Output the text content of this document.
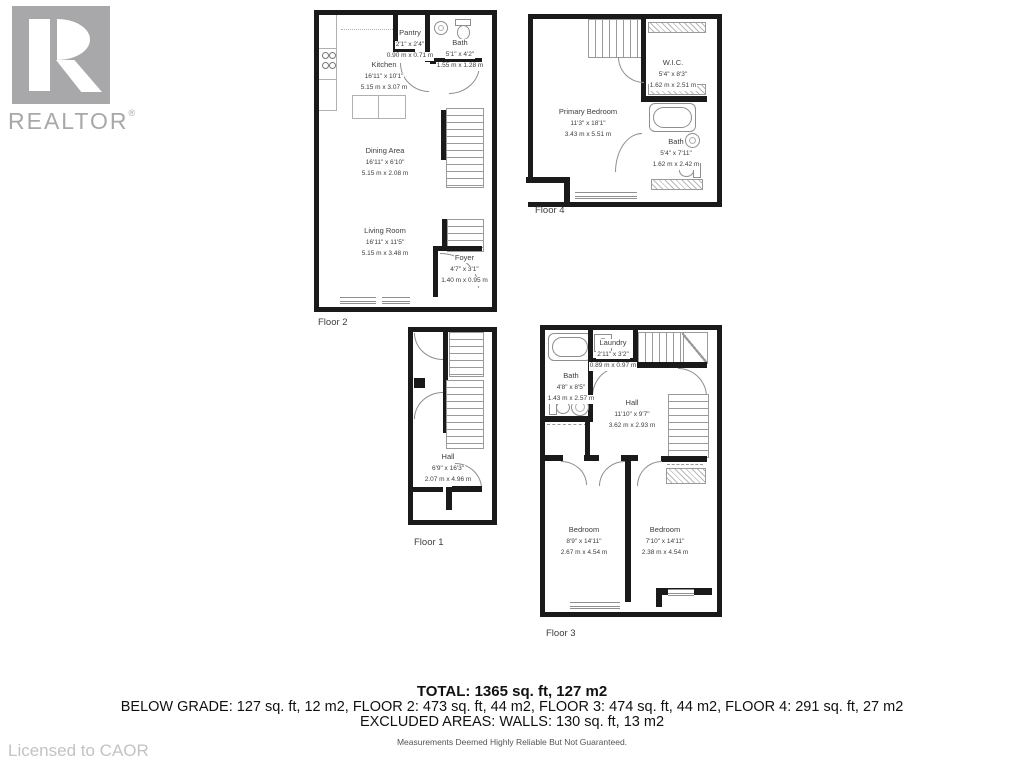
REALTOR®
Kitchen
16'11" x 10'1"
5.15 m x 3.07 m
Pantry
2'1" x 2'4"
0.90 m x 0.71 m
Bath
5'1" x 4'2"
1.55 m x 1.28 m
Dining Area
16'11" x 6'10"
5.15 m x 2.08 m
Living Room
16'11" x 11'5"
5.15 m x 3.48 m	Foyer
4'7" x 3'1"
1.40 m x 0.95 m
Floor 2
W.I.C.
5'4" x 8'3"
1.62 m x 2.51 m
Primary Bedroom
11'3" x 18'1"
3.43 m x 5.51 m
Bath
5'4" x 7'11"
1.62 m x 2.42 m
Floor 4
Hall
6'9" x 16'3"
2.07 m x 4.96 m
Floor 1
Bath
4'8" x 8'5"
1.43 m x 2.57 m
Laundry
2'11" x 3'2"
0.89 m x 0.97 m
Hall
11'10" x 9'7"
3.62 m x 2.93 m
Bedroom
8'9" x 14'11"
2.67 m x 4.54 m
Bedroom
7'10" x 14'11"
2.38 m x 4.54 m
Floor 3
TOTAL: 1365 sq. ft, 127 m2
BELOW GRADE: 127 sq. ft, 12 m2, FLOOR 2: 473 sq. ft, 44 m2, FLOOR 3: 474 sq. ft, 44 m2, FLOOR 4: 291 sq. ft, 27 m2
EXCLUDED AREAS: WALLS: 130 sq. ft, 13 m2
Measurements Deemed Highly Reliable But Not Guaranteed.
Licensed to CAOR
